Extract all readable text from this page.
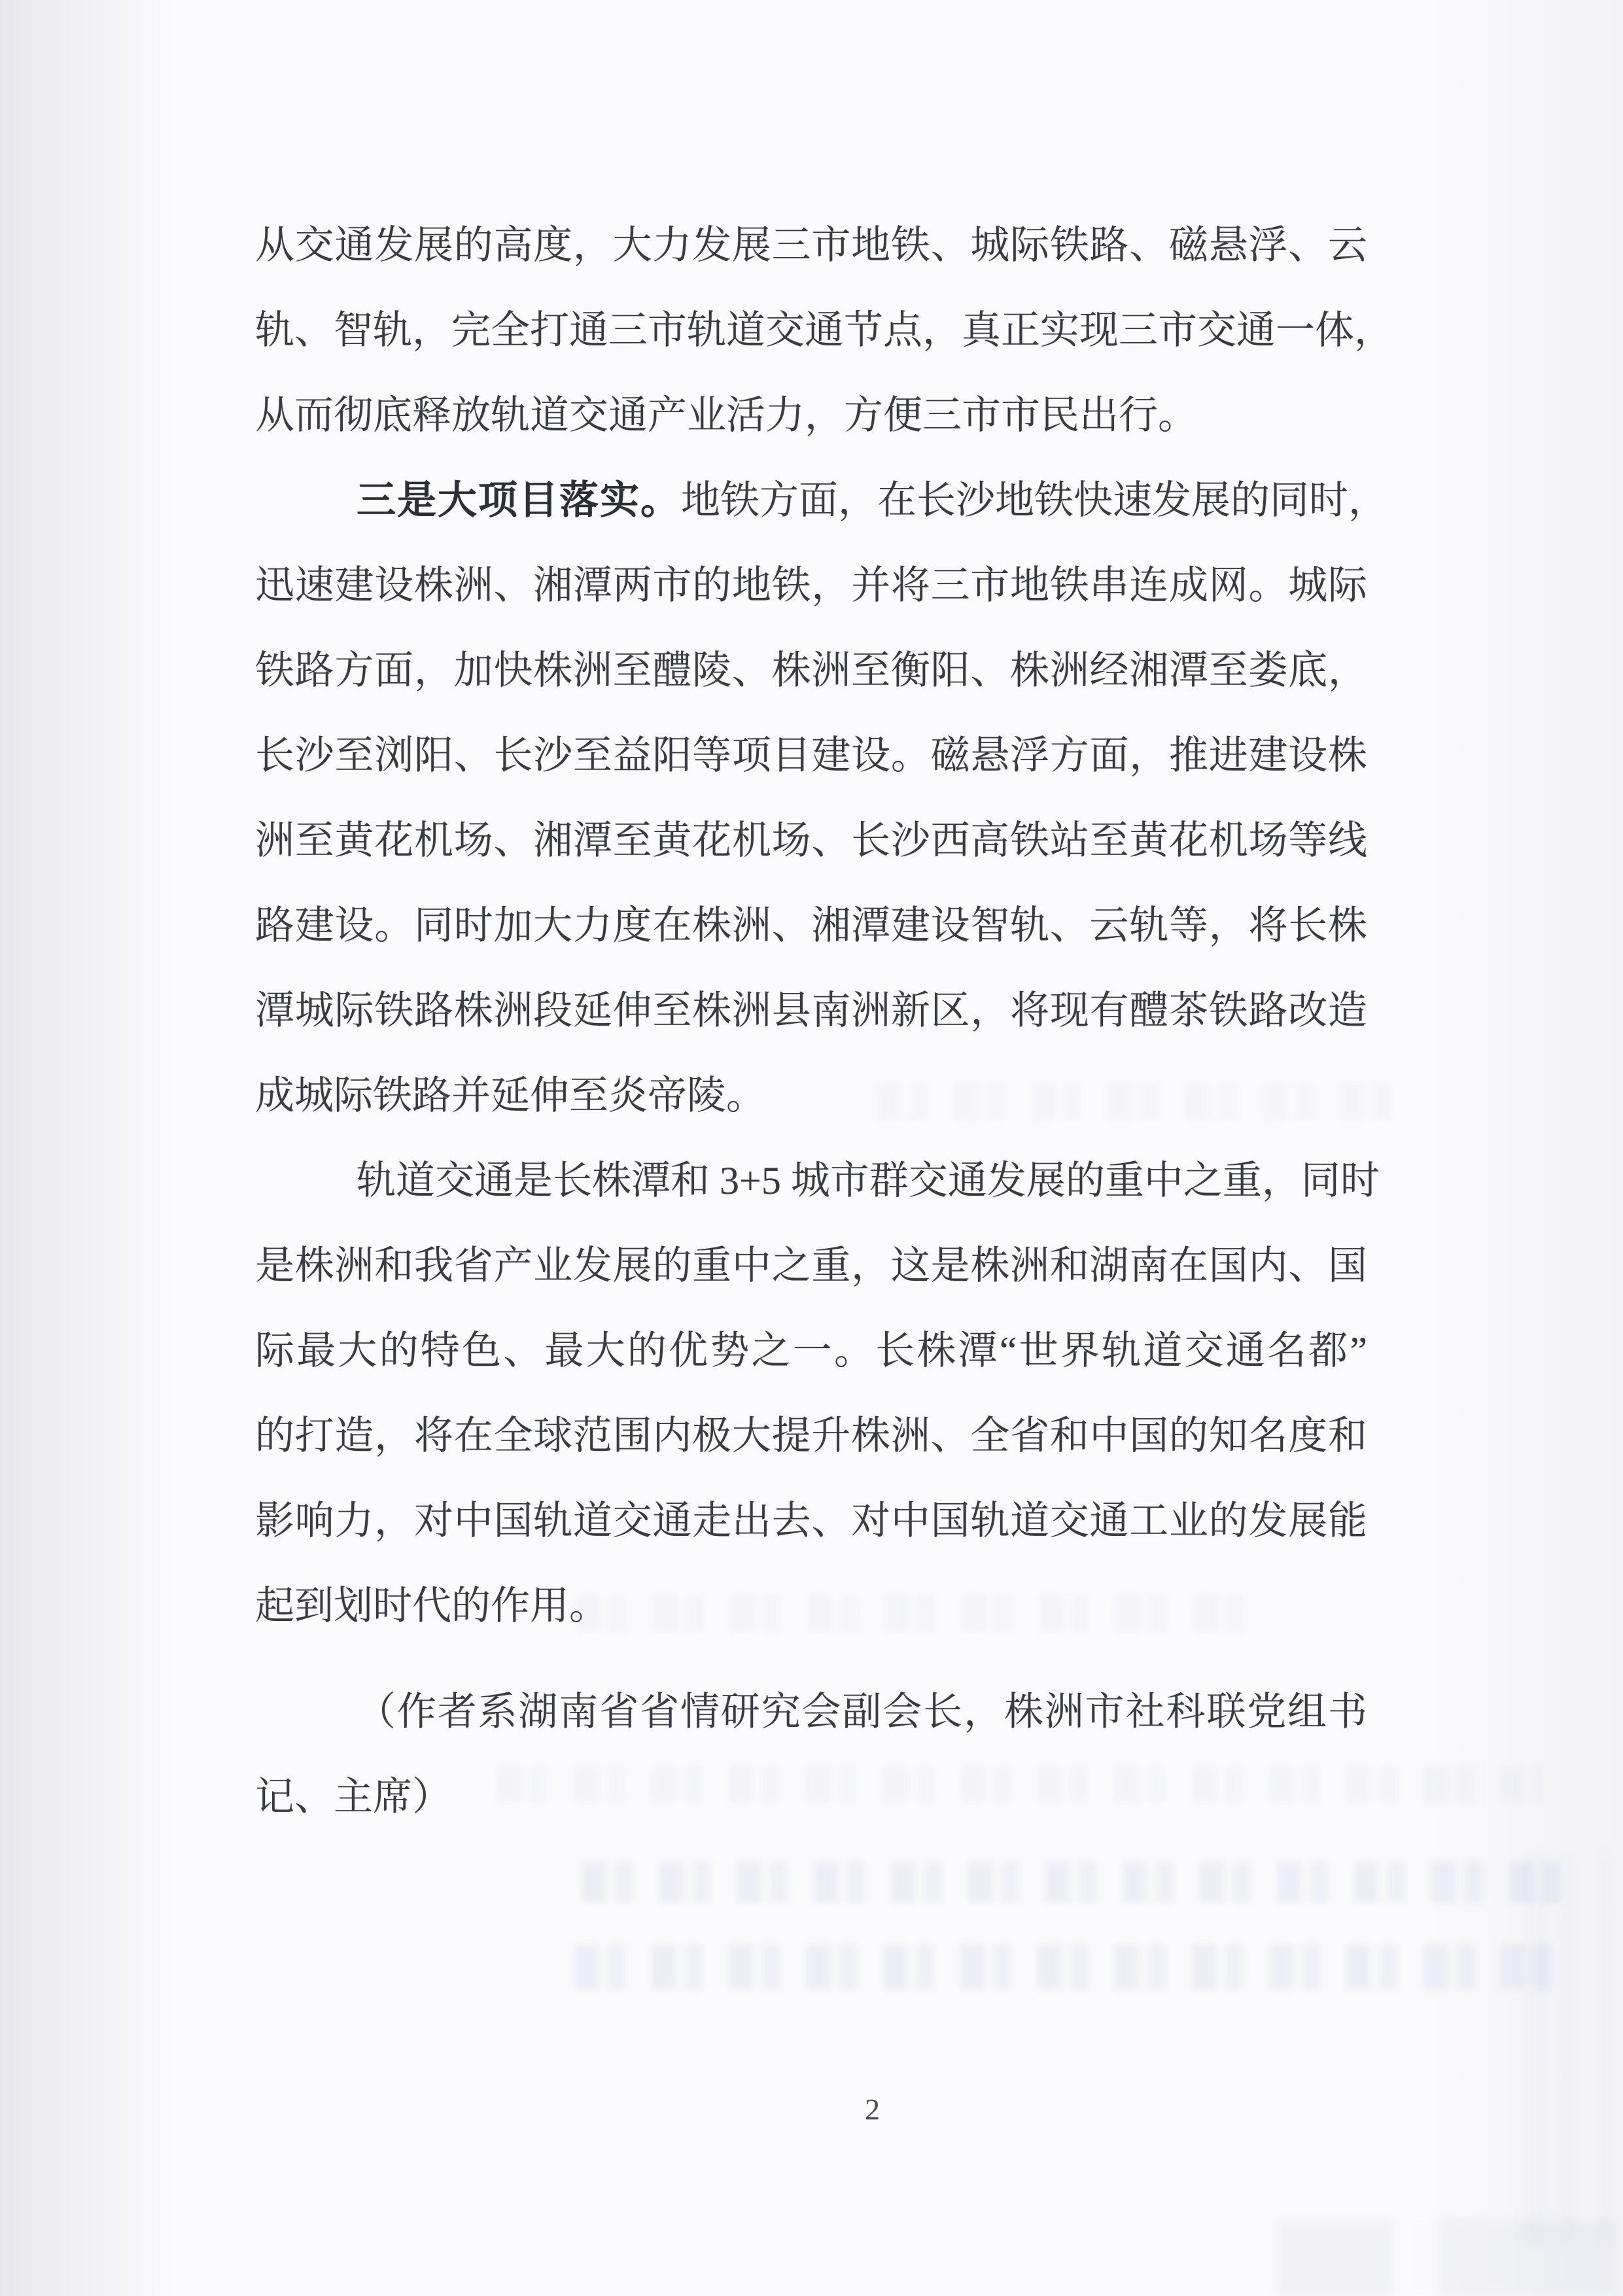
从交通发展的高度，大力发展三市地铁、城际铁路、磁悬浮、云
轨、智轨，完全打通三市轨道交通节点，真正实现三市交通一体，
从而彻底释放轨道交通产业活力，方便三市市民出行。
三是大项目落实。地铁方面，在长沙地铁快速发展的同时，
迅速建设株洲、湘潭两市的地铁，并将三市地铁串连成网。城际
铁路方面，加快株洲至醴陵、株洲至衡阳、株洲经湘潭至娄底，
长沙至浏阳、长沙至益阳等项目建设。磁悬浮方面，推进建设株
洲至黄花机场、湘潭至黄花机场、长沙西高铁站至黄花机场等线
路建设。同时加大力度在株洲、湘潭建设智轨、云轨等，将长株
潭城际铁路株洲段延伸至株洲县南洲新区，将现有醴茶铁路改造
成城际铁路并延伸至炎帝陵。
轨道交通是长株潭和 3+5 城市群交通发展的重中之重，同时
是株洲和我省产业发展的重中之重，这是株洲和湖南在国内、国
际最大的特色、最大的优势之一。长株潭“世界轨道交通名都”
的打造，将在全球范围内极大提升株洲、全省和中国的知名度和
影响力，对中国轨道交通走出去、对中国轨道交通工业的发展能
起到划时代的作用。
（作者系湖南省省情研究会副会长，株洲市社科联党组书
记、主席）
2
